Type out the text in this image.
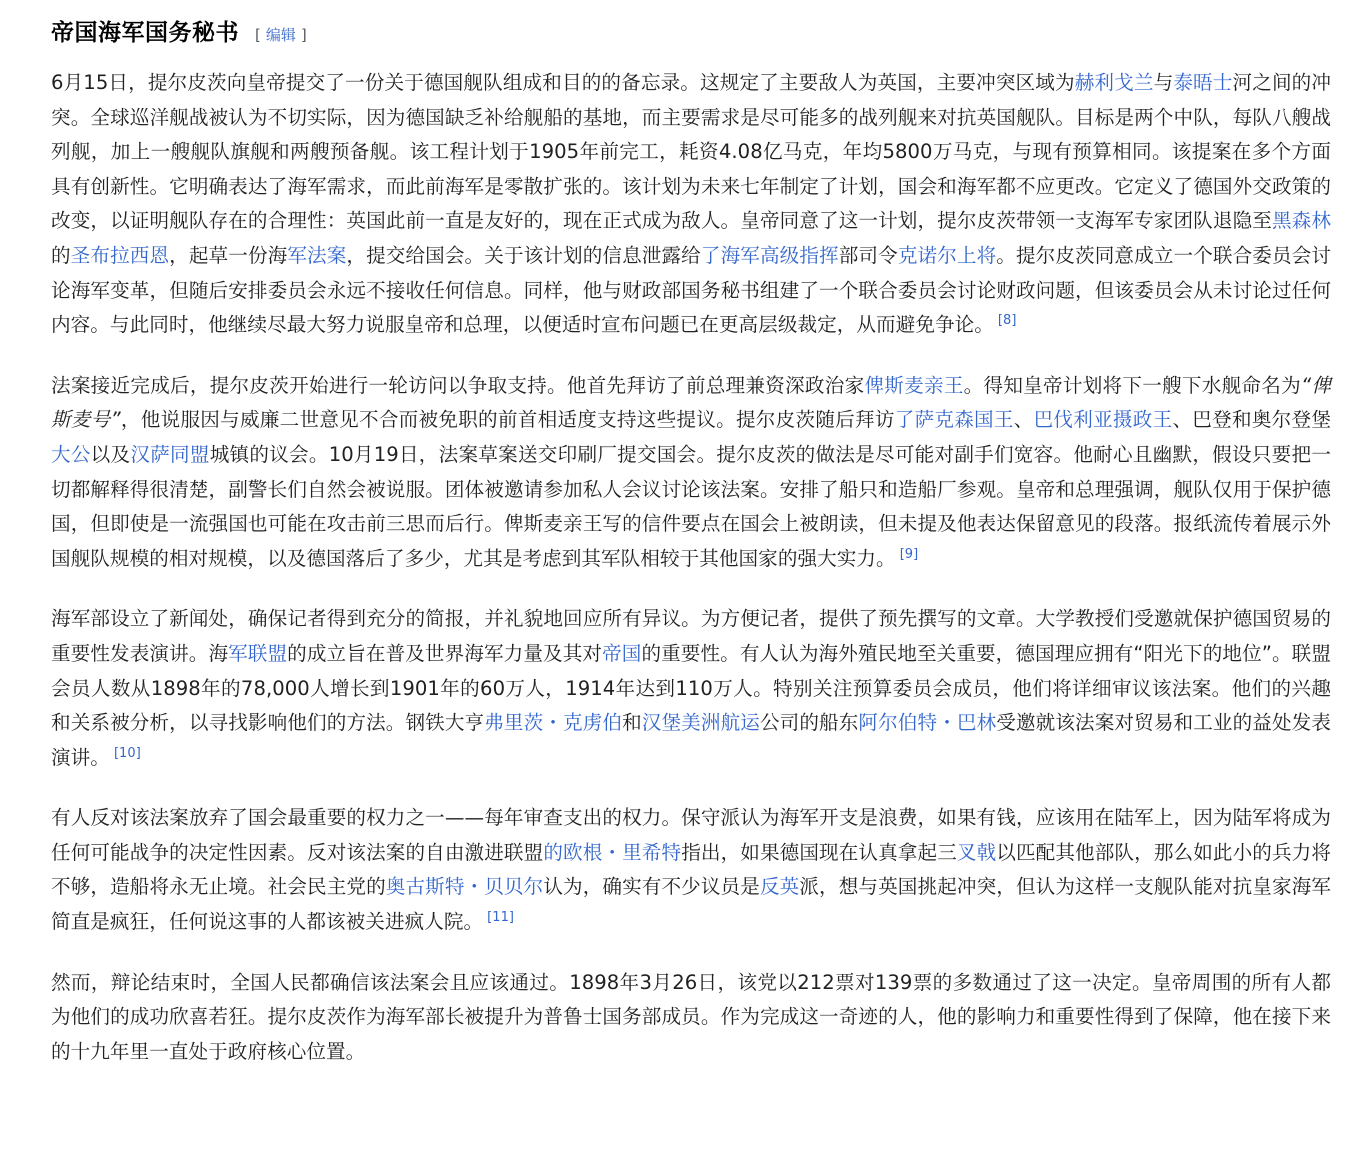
帝国海军国务秘书 [ 编辑 ]

6月15日，提尔皮茨向皇帝提交了一份关于德国舰队组成和目的的备忘录。这规定了主要敌人为英国，主要冲突区域为赫利戈兰与泰晤士河之间的冲突。全球巡洋舰战被认为不切实际，因为德国缺乏补给舰船的基地，而主要需求是尽可能多的战列舰来对抗英国舰队。目标是两个中队，每队八艘战列舰，加上一艘舰队旗舰和两艘预备舰。该工程计划于1905年前完工，耗资4.08亿马克，年均5800万马克，与现有预算相同。该提案在多个方面具有创新性。它明确表达了海军需求，而此前海军是零散扩张的。该计划为未来七年制定了计划，国会和海军都不应更改。它定义了德国外交政策的改变，以证明舰队存在的合理性：英国此前一直是友好的，现在正式成为敌人。皇帝同意了这一计划，提尔皮茨带领一支海军专家团队退隐至黑森林的圣布拉西恩，起草一份海军法案，提交给国会。关于该计划的信息泄露给了海军高级指挥部司令克诺尔上将。提尔皮茨同意成立一个联合委员会讨论海军变革，但随后安排委员会永远不接收任何信息。同样，他与财政部国务秘书组建了一个联合委员会讨论财政问题，但该委员会从未讨论过任何内容。与此同时，他继续尽最大努力说服皇帝和总理，以便适时宣布问题已在更高层级裁定，从而避免争论。 [8]

法案接近完成后，提尔皮茨开始进行一轮访问以争取支持。他首先拜访了前总理兼资深政治家俾斯麦亲王。得知皇帝计划将下一艘下水舰命名为“俾斯麦号”，他说服因与威廉二世意见不合而被免职的前首相适度支持这些提议。提尔皮茨随后拜访了萨克森国王、巴伐利亚摄政王、巴登和奥尔登堡大公以及汉萨同盟城镇的议会。10月19日，法案草案送交印刷厂提交国会。提尔皮茨的做法是尽可能对副手们宽容。他耐心且幽默，假设只要把一切都解释得很清楚，副警长们自然会被说服。团体被邀请参加私人会议讨论该法案。安排了船只和造船厂参观。皇帝和总理强调，舰队仅用于保护德国，但即使是一流强国也可能在攻击前三思而后行。俾斯麦亲王写的信件要点在国会上被朗读，但未提及他表达保留意见的段落。报纸流传着展示外国舰队规模的相对规模，以及德国落后了多少，尤其是考虑到其军队相较于其他国家的强大实力。 [9]

海军部设立了新闻处，确保记者得到充分的简报，并礼貌地回应所有异议。为方便记者，提供了预先撰写的文章。大学教授们受邀就保护德国贸易的重要性发表演讲。海军联盟的成立旨在普及世界海军力量及其对帝国的重要性。有人认为海外殖民地至关重要，德国理应拥有“阳光下的地位”。联盟会员人数从1898年的78,000人增长到1901年的60万人，1914年达到110万人。特别关注预算委员会成员，他们将详细审议该法案。他们的兴趣和关系被分析，以寻找影响他们的方法。钢铁大亨弗里茨・克虏伯和汉堡美洲航运公司的船东阿尔伯特・巴林受邀就该法案对贸易和工业的益处发表演讲。 [10]

有人反对该法案放弃了国会最重要的权力之一——每年审查支出的权力。保守派认为海军开支是浪费，如果有钱，应该用在陆军上，因为陆军将成为任何可能战争的决定性因素。反对该法案的自由激进联盟的欧根・里希特指出，如果德国现在认真拿起三叉戟以匹配其他部队，那么如此小的兵力将不够，造船将永无止境。社会民主党的奥古斯特・贝贝尔认为，确实有不少议员是反英派，想与英国挑起冲突，但认为这样一支舰队能对抗皇家海军简直是疯狂，任何说这事的人都该被关进疯人院。 [11]

然而，辩论结束时，全国人民都确信该法案会且应该通过。1898年3月26日，该党以212票对139票的多数通过了这一决定。皇帝周围的所有人都为他们的成功欣喜若狂。提尔皮茨作为海军部长被提升为普鲁士国务部成员。作为完成这一奇迹的人，他的影响力和重要性得到了保障，他在接下来的十九年里一直处于政府核心位置。
